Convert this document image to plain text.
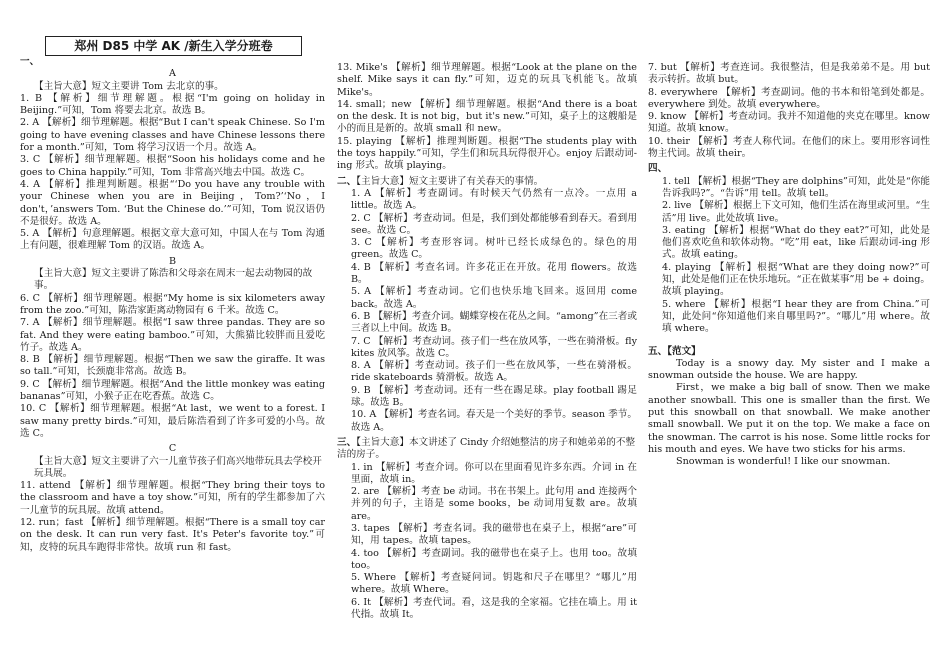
郑州 D85 中学 AK /新生入学分班卷
一、
A
【主旨大意】短文主要讲 Tom 去北京的事。
1. B 【解析】细节理解题。根据“I'm going on holiday in Beijing.”可知，Tom 将要去北京。故选 B。
2. A 【解析】细节理解题。根据“But I can't speak Chinese. So I'm going to have evening classes and have Chinese lessons there for a month.”可知，Tom 将学习汉语一个月。故选 A。
3. C 【解析】细节理解题。根据“Soon his holidays come and he goes to China happily.”可知，Tom 非常高兴地去中国。故选 C。
4. A 【解析】推理判断题。根据“‘Do you have any trouble with your Chinese when you are in Beijing，Tom?’‘No，I don't，’answers Tom. ‘But the Chinese do.’”可知，Tom 说汉语仍不是很好。故选 A。
5. A 【解析】句意理解题。根据文章大意可知，中国人在与 Tom 沟通上有问题，很难理解 Tom 的汉语。故选 A。
B
【主旨大意】短文主要讲了陈浩和父母亲在周末一起去动物园的故事。
6. C 【解析】细节理解题。根据“My home is six kilometers away from the zoo.”可知，陈浩家距离动物园有 6 千米。故选 C。
7. A 【解析】细节理解题。根据“I saw three pandas. They are so fat. And they were eating bamboo.”可知，大熊猫比较胖而且爱吃竹子。故选 A。
8. B 【解析】细节理解题。根据“Then we saw the giraffe. It was so tall.”可知，长颈鹿非常高。故选 B。
9. C 【解析】细节理解题。根据“And the little monkey was eating bananas”可知，小猴子正在吃香蕉。故选 C。
10. C 【解析】细节理解题。根据“At last，we went to a forest. I saw many pretty birds.”可知，最后陈浩看到了许多可爱的小鸟。故选 C。
C
【主旨大意】短文主要讲了六一儿童节孩子们高兴地带玩具去学校开玩具展。
11. attend 【解析】细节理解题。根据“They bring their toys to the classroom and have a toy show.”可知，所有的学生都参加了六一儿童节的玩具展。故填 attend。
12. run；fast 【解析】细节理解题。根据“There is a small toy car on the desk. It can run very fast. It's Peter's favorite toy.”可知，皮特的玩具车跑得非常快。故填 run 和 fast。
13. Mike's 【解析】细节理解题。根据“Look at the plane on the shelf. Mike says it can fly.”可知，迈克的玩具飞机能飞。故填 Mike's。
14. small；new 【解析】细节理解题。根据“And there is a boat on the desk. It is not big，but it's new.”可知，桌子上的这艘船是小的而且是新的。故填 small 和 new。
15. playing 【解析】推理判断题。根据“The students play with the toys happily.”可知，学生们和玩具玩得很开心。enjoy 后跟动词-ing 形式。故填 playing。
二、【主旨大意】短文主要讲了有关春天的事情。
1. A 【解析】考查副词。有时候天气仍然有一点冷。一点用 a little。故选 A。
2. C 【解析】考查动词。但是，我们到处都能够看到春天。看到用 see。故选 C。
3. C 【解析】考查形容词。树叶已经长成绿色的。绿色的用 green。故选 C。
4. B 【解析】考查名词。许多花正在开放。花用 flowers。故选 B。
5. A 【解析】考查动词。它们也快乐地飞回来。返回用 come back。故选 A。
6. B 【解析】考查介词。蝴蝶穿梭在花丛之间。“among”在三者或三者以上中间。故选 B。
7. C 【解析】考查动词。孩子们一些在放风筝，一些在骑滑板。fly kites 放风筝。故选 C。
8. A 【解析】考查动词。孩子们一些在放风筝，一些在骑滑板。ride skateboards 骑滑板。故选 A。
9. B 【解析】考查动词。还有一些在踢足球。play football 踢足球。故选 B。
10. A 【解析】考查名词。春天是一个美好的季节。season 季节。故选 A。
三、【主旨大意】本文讲述了 Cindy 介绍她整洁的房子和她弟弟的不整洁的房子。
1. in 【解析】考查介词。你可以在里面看见许多东西。介词 in 在里面，故填 in。
2. are 【解析】考查 be 动词。书在书架上。此句用 and 连接两个并列的句子，主语是 some books，be 动词用复数 are。故填 are。
3. tapes 【解析】考查名词。我的磁带也在桌子上，根据“are”可知，用 tapes。故填 tapes。
4. too 【解析】考查副词。我的磁带也在桌子上。也用 too。故填 too。
5. Where 【解析】考查疑问词。钥匙和尺子在哪里？“哪儿”用 where。故填 Where。
6. It 【解析】考查代词。看，这是我的全家福。它挂在墙上。用 it 代指。故填 It。
7. but 【解析】考查连词。我很整洁，但是我弟弟不是。用 but 表示转折。故填 but。
8. everywhere 【解析】考查副词。他的书本和铅笔到处都是。everywhere 到处。故填 everywhere。
9. know 【解析】考查动词。我并不知道他的夹克在哪里。know 知道。故填 know。
10. their 【解析】考查人称代词。在他们的床上。要用形容词性物主代词。故填 their。
四、
1. tell 【解析】根据“They are dolphins”可知，此处是“你能告诉我吗?”。“告诉”用 tell。故填 tell。
2. live 【解析】根据上下文可知，他们生活在海里或河里。“生活”用 live。此处故填 live。
3. eating 【解析】根据“What do they eat?”可知，此处是他们喜欢吃鱼和软体动物。“吃”用 eat，like 后跟动词-ing 形式。故填 eating。
4. playing 【解析】根据“What are they doing now?”可知，此处是他们正在快乐地玩。“正在做某事”用 be + doing。故填 playing。
5. where 【解析】根据“I hear they are from China.”可知，此处问“你知道他们来自哪里吗?”。“哪儿”用 where。故填 where。
五、【范文】
Today is a snowy day. My sister and I make a snowman outside the house. We are happy.
First，we make a big ball of snow. Then we make another snowball. This one is smaller than the first. We put this snowball on that snowball. We make another small snowball. We put it on the top. We make a face on the snowman. The carrot is his nose. Some little rocks for his mouth and eyes. We have two sticks for his arms.
Snowman is wonderful! I like our snowman.
